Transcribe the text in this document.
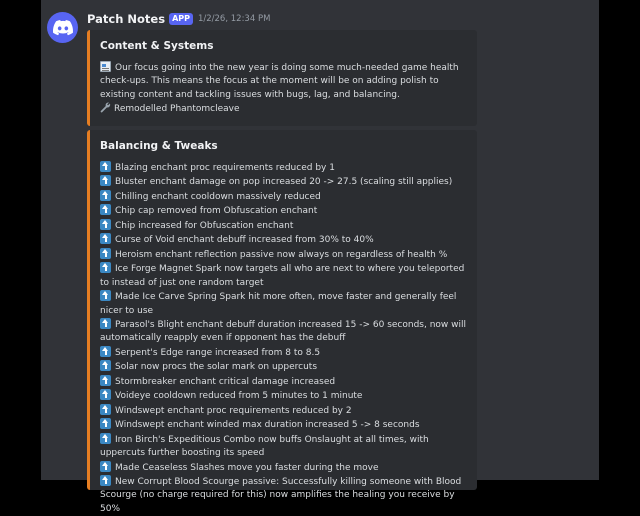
Patch Notes APP 1/2/26, 12:34 PM
Content & Systems
Our focus going into the new year is doing some much-needed game health check-ups. This means the focus at the moment will be on adding polish to existing content and tackling issues with bugs, lag, and balancing.
Remodelled Phantomcleave
Balancing & Tweaks
Blazing enchant proc requirements reduced by 1
Bluster enchant damage on pop increased 20 -> 27.5 (scaling still applies)
Chilling enchant cooldown massively reduced
Chip cap removed from Obfuscation enchant
Chip increased for Obfuscation enchant
Curse of Void enchant debuff increased from 30% to 40%
Heroism enchant reflection passive now always on regardless of health %
Ice Forge Magnet Spark now targets all who are next to where you teleported to instead of just one random target
Made Ice Carve Spring Spark hit more often, move faster and generally feel nicer to use
Parasol's Blight enchant debuff duration increased 15 -> 60 seconds, now will automatically reapply even if opponent has the debuff
Serpent's Edge range increased from 8 to 8.5
Solar now procs the solar mark on uppercuts
Stormbreaker enchant critical damage increased
Voideye cooldown reduced from 5 minutes to 1 minute
Windswept enchant proc requirements reduced by 2
Windswept enchant winded max duration increased 5 -> 8 seconds
Iron Birch's Expeditious Combo now buffs Onslaught at all times, with uppercuts further boosting its speed
Made Ceaseless Slashes move you faster during the move
New Corrupt Blood Scourge passive: Successfully killing someone with Blood Scourge (no charge required for this) now amplifies the healing you receive by 50%
